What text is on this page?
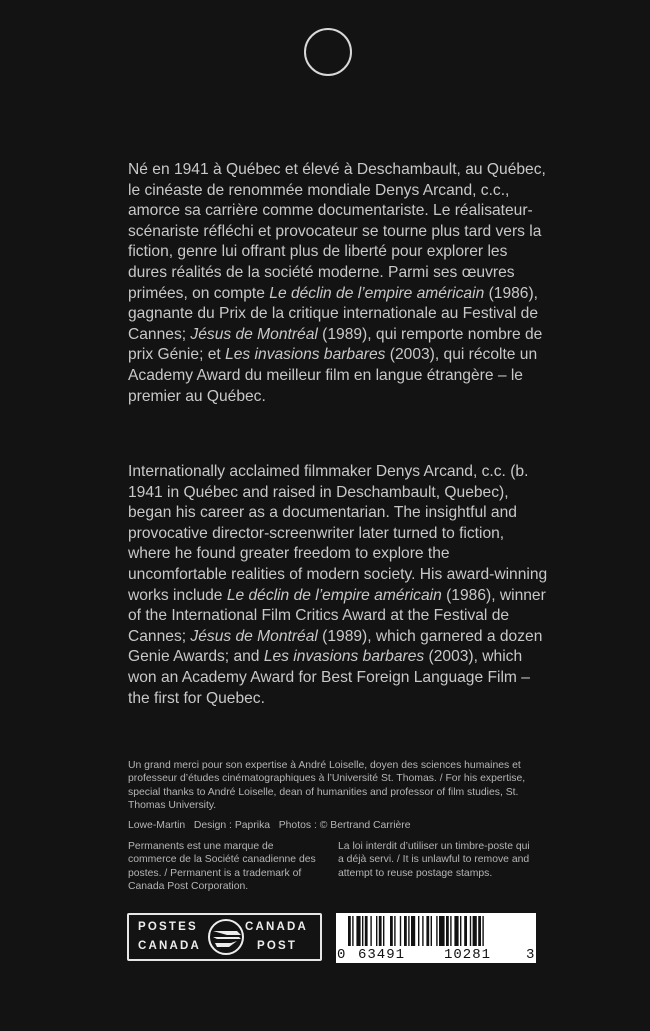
Né en 1941 à Québec et élevé à Deschambault, au Québec, le cinéaste de renommée mondiale Denys Arcand, c.c., amorce sa carrière comme documentariste. Le réalisateur-scénariste réfléchi et provocateur se tourne plus tard vers la fiction, genre lui offrant plus de liberté pour explorer les dures réalités de la société moderne. Parmi ses œuvres primées, on compte Le déclin de l’empire américain (1986), gagnante du Prix de la critique internationale au Festival de Cannes; Jésus de Montréal (1989), qui remporte nombre de prix Génie; et Les invasions barbares (2003), qui récolte un Academy Award du meilleur film en langue étrangère – le premier au Québec.
Internationally acclaimed filmmaker Denys Arcand, c.c. (b. 1941 in Québec and raised in Deschambault, Quebec), began his career as a documentarian. The insightful and provocative director-screenwriter later turned to fiction, where he found greater freedom to explore the uncomfortable realities of modern society. His award-winning works include Le déclin de l’empire américain (1986), winner of the International Film Critics Award at the Festival de Cannes; Jésus de Montréal (1989), which garnered a dozen Genie Awards; and Les invasions barbares (2003), which won an Academy Award for Best Foreign Language Film – the first for Quebec.
Un grand merci pour son expertise à André Loiselle, doyen des sciences humaines et professeur d’études cinématographiques à l’Université St. Thomas. / For his expertise, special thanks to André Loiselle, dean of humanities and professor of film studies, St. Thomas University.
Lowe-Martin   Design : Paprika   Photos : © Bertrand Carrière
Permanents est une marque de commerce de la Société canadienne des postes. / Permanent is a trademark of Canada Post Corporation.
La loi interdit d’utiliser un timbre-poste qui a déjà servi. / It is unlawful to remove and attempt to reuse postage stamps.
POSTES	CANADA
CANADA	POST
0 63491	10281 3
